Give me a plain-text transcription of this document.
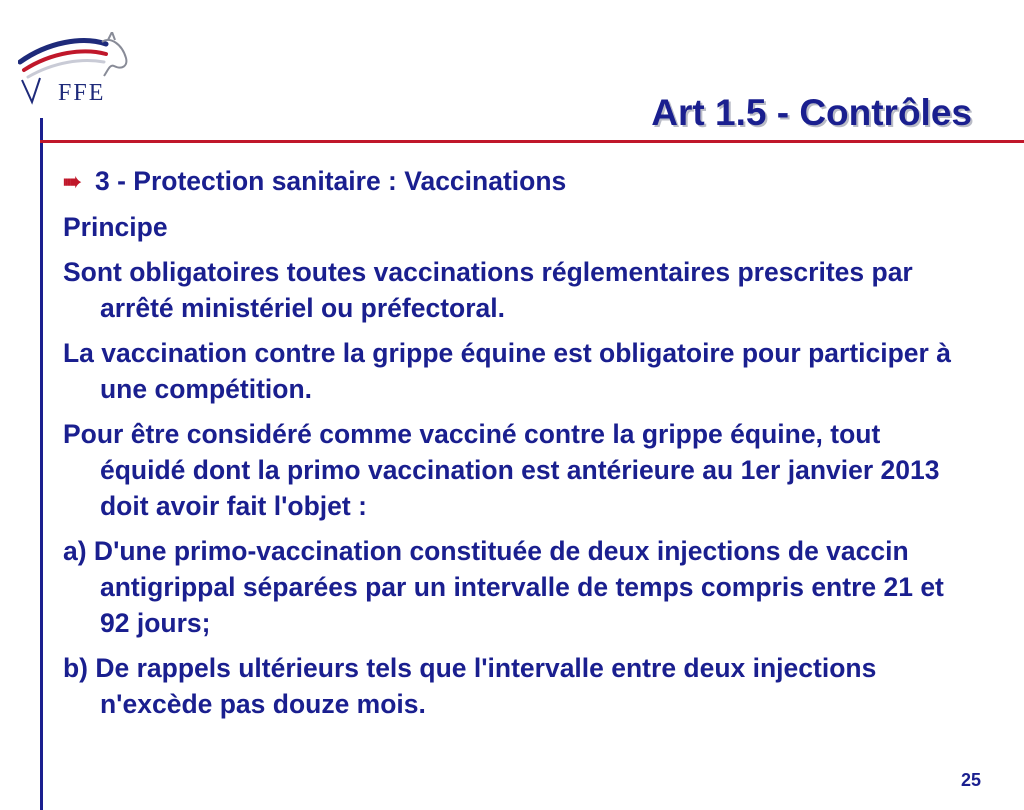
FFE	Art 1.5 - Contrôles

➠ 3 - Protection sanitaire : Vaccinations

Principe

Sont obligatoires toutes vaccinations réglementaires prescrites par arrêté ministériel ou préfectoral.

La vaccination contre la grippe équine est obligatoire pour participer à une compétition.

Pour être considéré comme vacciné contre la grippe équine, tout équidé dont la primo vaccination est antérieure au 1er janvier 2013 doit avoir fait l'objet :

a) D'une primo-vaccination constituée de deux injections de vaccin antigrippal séparées par un intervalle de temps compris entre 21 et 92 jours;

b) De rappels ultérieurs tels que l'intervalle entre deux injections n'excède pas douze mois.

25
